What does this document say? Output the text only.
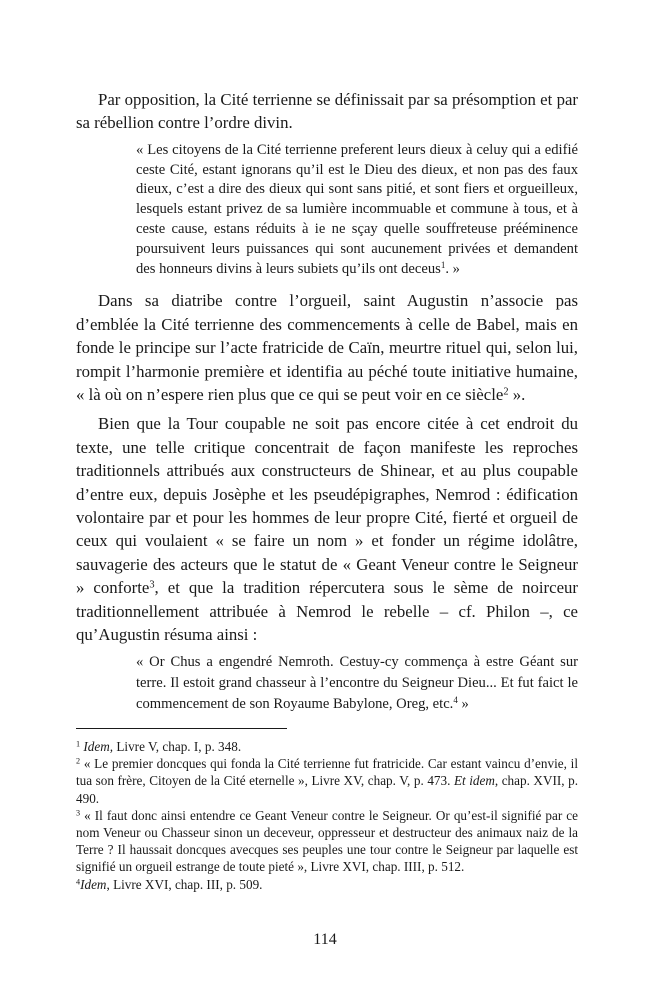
Par opposition, la Cité terrienne se définissait par sa présomption et par sa rébellion contre l’ordre divin.

« Les citoyens de la Cité terrienne preferent leurs dieux à celuy qui a edifié ceste Cité, estant ignorans qu’il est le Dieu des dieux, et non pas des faux dieux, c’est a dire des dieux qui sont sans pitié, et sont fiers et orgueilleux, lesquels estant privez de sa lumière incommuable et commune à tous, et à ceste cause, estans réduits à ie ne sçay quelle souffreteuse prééminence poursuivent leurs puissances qui sont aucunement privées et demandent des honneurs divins à leurs subiets qu’ils ont deceus$^1$. »

Dans sa diatribe contre l’orgueil, saint Augustin n’associe pas d’emblée la Cité terrienne des commencements à celle de Babel, mais en fonde le principe sur l’acte fratricide de Caïn, meurtre rituel qui, selon lui, rompit l’harmonie première et identifia au péché toute initiative humaine, « là où on n’espere rien plus que ce qui se peut voir en ce siècle$^2$ ».

Bien que la Tour coupable ne soit pas encore citée à cet endroit du texte, une telle critique concentrait de façon manifeste les reproches traditionnels attribués aux constructeurs de Shinear, et au plus coupable d’entre eux, depuis Josèphe et les pseudépigraphes, Nemrod : édification volontaire par et pour les hommes de leur propre Cité, fierté et orgueil de ceux qui voulaient « se faire un nom » et fonder un régime idolâtre, sauvagerie des acteurs que le statut de « Geant Veneur contre le Seigneur » conforte$^3$, et que la tradition répercutera sous le sème de noirceur traditionnellement attribuée à Nemrod le rebelle – cf. Philon –, ce qu’Augustin résuma ainsi :

« Or Chus a engendré Nemroth. Cestuy-cy commença à estre Géant sur terre. Il estoit grand chasseur à l’encontre du Seigneur Dieu... Et fut faict le commencement de son Royaume Babylone, Oreg, etc.$^4$ »

$^1$ Idem, Livre V, chap. I, p. 348.

$^2$ « Le premier doncques qui fonda la Cité terrienne fut fratricide. Car estant vaincu d’envie, il tua son frère, Citoyen de la Cité eternelle », Livre XV, chap. V, p. 473. Et idem, chap. XVII, p. 490.

$^3$ « Il faut donc ainsi entendre ce Geant Veneur contre le Seigneur. Or qu’est-il signifié par ce nom Veneur ou Chasseur sinon un deceveur, oppresseur et destructeur des animaux naiz de la Terre ? Il haussait doncques avecques ses peuples une tour contre le Seigneur par laquelle est signifié un orgueil estrange de toute pieté », Livre XVI, chap. IIII, p. 512.

$^4$Idem, Livre XVI, chap. III, p. 509.

114
